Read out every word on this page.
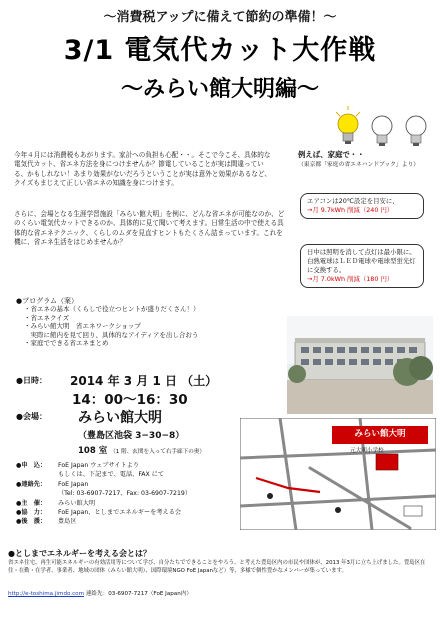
〜消費税アップに備えて節約の準備！〜
3/1 電気代カット大作戦
〜みらい館大明編〜

今年４月には消費税もあがります。家計への負担も心配・・。そこで今こそ、具体的な電気代カット、省エネ方法を身につけませんか？節電していることが実は間違っている、かもしれない！あまり効果がないだろうということが実は意外と効果があるなど、クイズもまじえて正しい省エネの知識を身につけます。

さらに、会場となる生涯学習施設「みらい館大明」を例に、どんな省エネが可能なのか、どのくらい電気代カットできるのか、具体的に見て聞いて考えます。日常生活の中で使える具体的な省エネテクニック、くらしのムダを見直すヒントもたくさん詰まっています。これを機に、省エネ生活をはじめませんか？

例えば、家庭で・・
（東京都「家庭の省エネハンドブック」より）
エアコンは20℃設定を目安に、
→月 9.7kWh 削減（240 円）
日中は照明を消して点灯は最小限に。白熱電球はＬＥＤ電球や電球型蛍光灯に交換する。
→月 7.0kWh 削減（180 円）
●プログラム（案）
・省エネの基本（くらしで役立つヒントが盛りだくさん！）
・省エネクイズ
・みらい館大明　省エネワークショップ
　実際に館内を見て回り、具体的なアイディアを出し合おう
・家庭でできる省エネまとめ
●日時： 2014 年 3 月 1 日 （土）
14：00〜16：30
●会場： みらい館大明
（豊島区池袋 3−30−8）
108 室 （1 階、玄関を入って右手廊下の奥）
みらい館大明
元大明小学校
●申　込：	FoE Japan ウェブサイトより
もしくは、下記まで、電話、FAX にて
●連絡先：	FoE Japan
（Tel: 03-6907-7217、Fax: 03-6907-7219）
●主　催：	みらい館大明
●協　力：	FoE Japan、としまでエネルギーを考える会
●後　援：	豊島区
●としまでエネルギーを考える会とは？

省エネ住宅、再生可能エネルギーの有効活用等について学び、自分たちでできることをやろう、と考えた豊島区内の市民や団体が、2013 年3月に立ち上げました。豊島区在住・在勤・在学者、事業者、地域の団体（みらい館大明）、国際環境NGO FoE Japanなど）等、多様で個性豊かなメンバーが集っています。

http://e-toshima.jimdo.com 連絡先：03-6907-7217（FoE Japan内）
